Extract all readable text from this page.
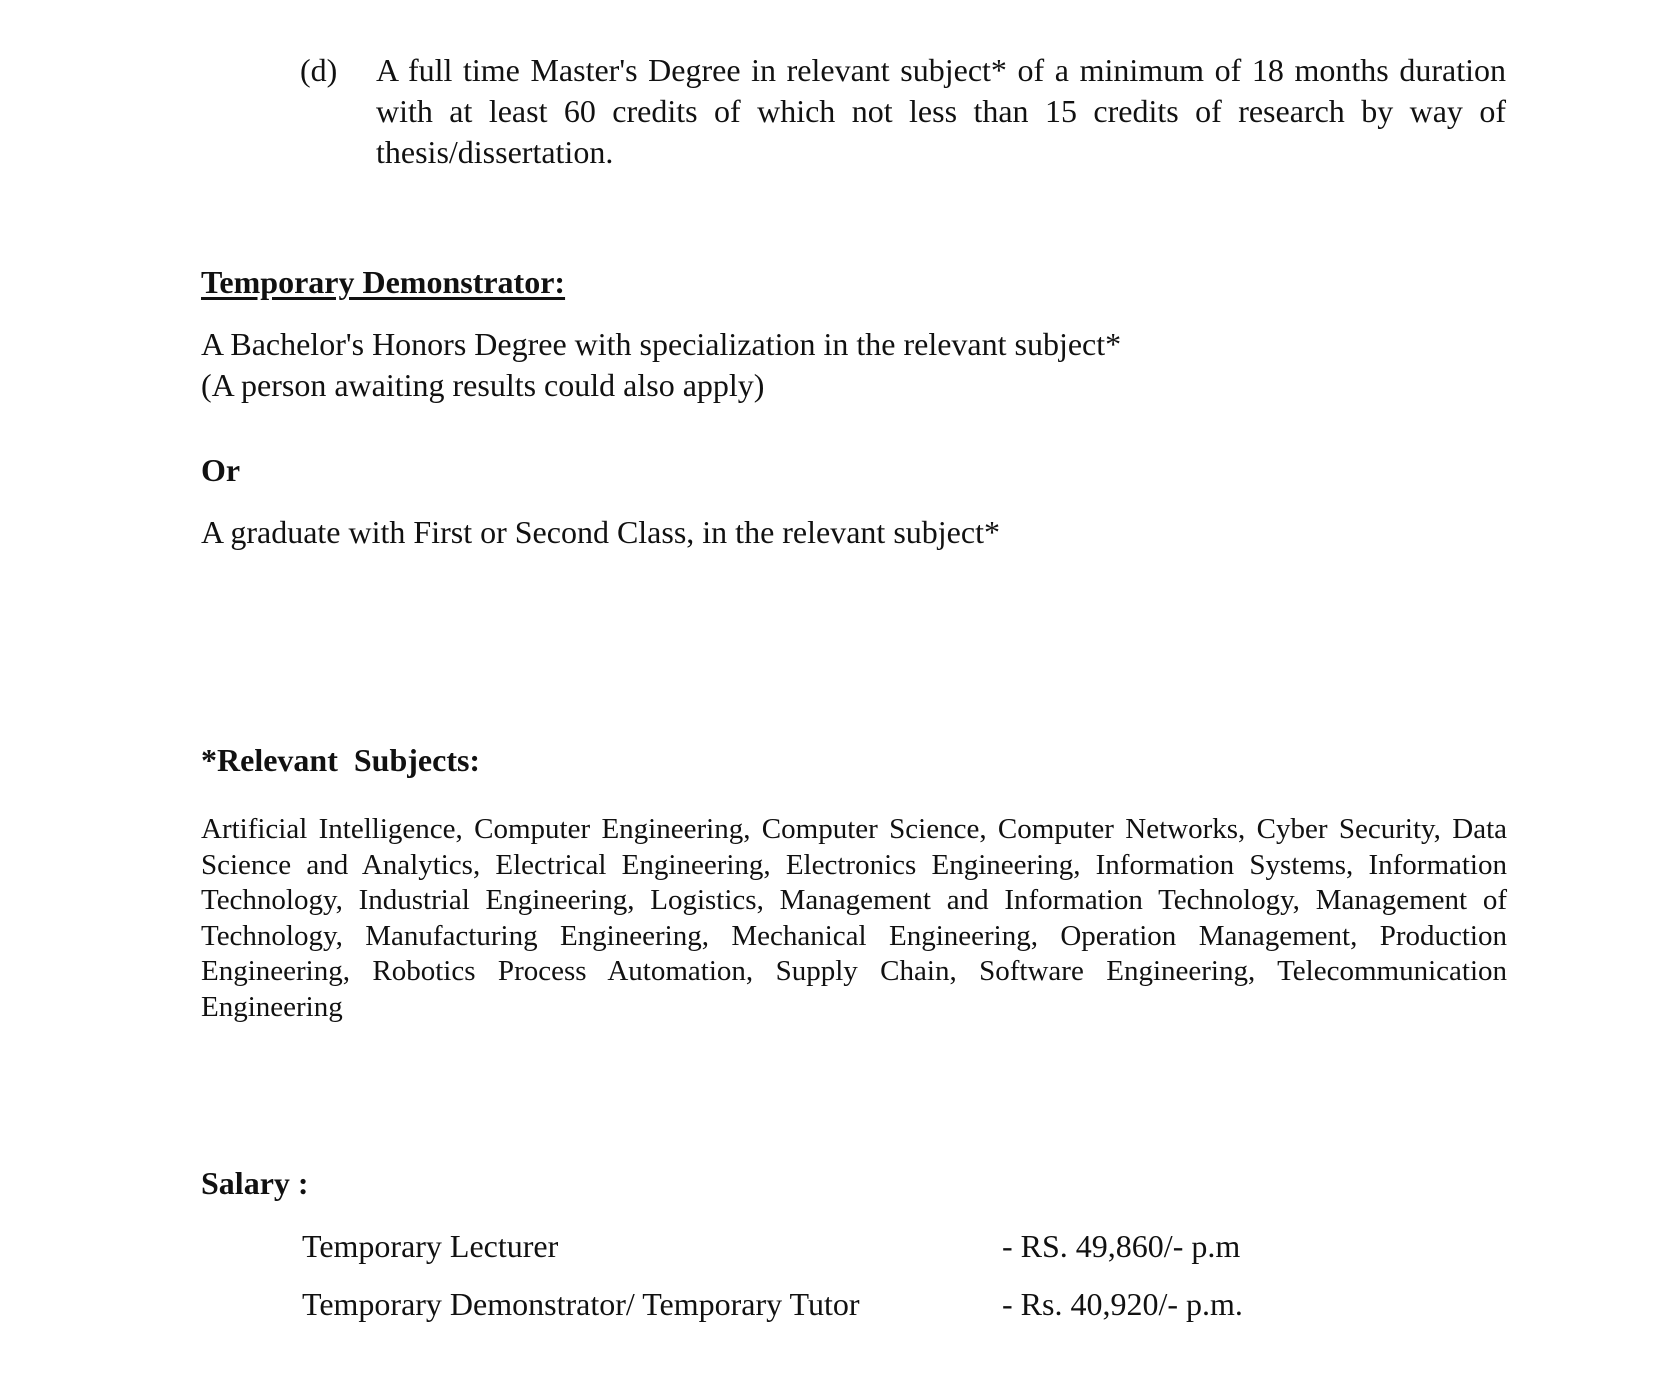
(d) A full time Master's Degree in relevant subject* of a minimum of 18 months duration
with at least 60 credits of which not less than 15 credits of research by way of
thesis/dissertation.
Temporary Demonstrator:
A Bachelor's Honors Degree with specialization in the relevant subject*
(A person awaiting results could also apply)
Or
A graduate with First or Second Class, in the relevant subject*
*Relevant  Subjects:
Artificial Intelligence, Computer Engineering, Computer Science, Computer Networks, Cyber Security, Data Science and Analytics, Electrical Engineering, Electronics Engineering, Information Systems, Information Technology, Industrial Engineering, Logistics, Management and Information Technology, Management of Technology, Manufacturing Engineering, Mechanical Engineering, Operation Management, Production Engineering, Robotics Process Automation, Supply Chain, Software Engineering, Telecommunication Engineering
Salary :
Temporary Lecturer	- RS. 49,860/- p.m
Temporary Demonstrator/ Temporary Tutor	- Rs. 40,920/- p.m.
